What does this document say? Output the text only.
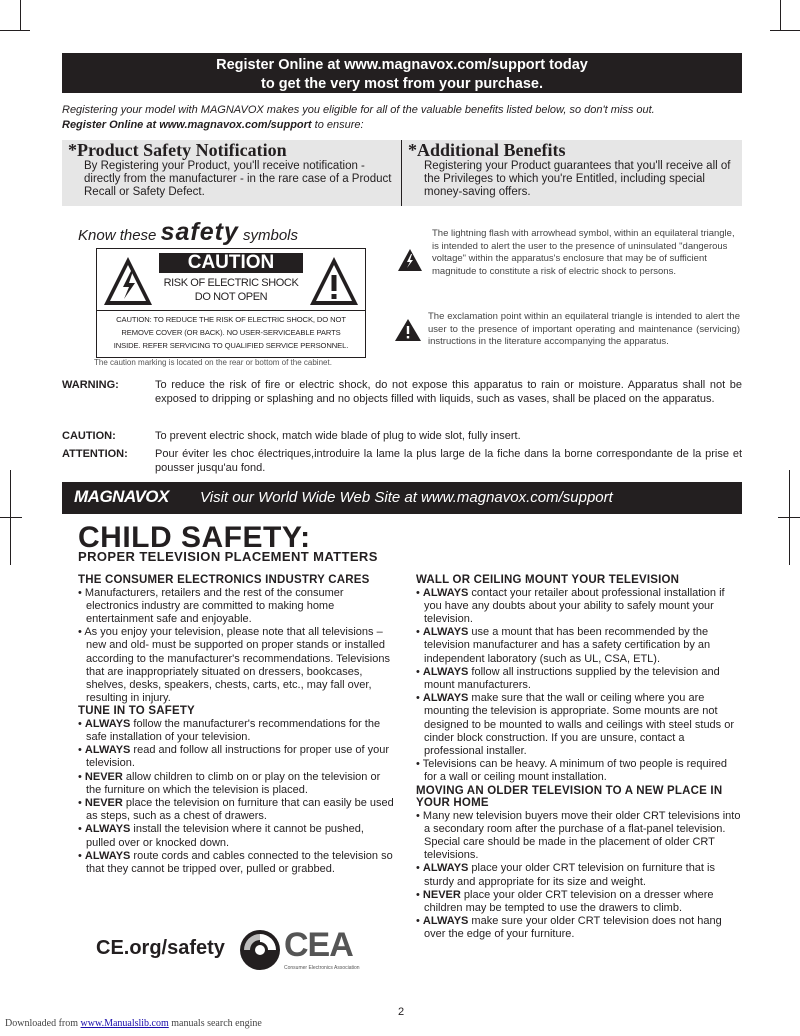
Register Online at www.magnavox.com/support today
to get the very most from your purchase.
Registering your model with MAGNAVOX makes you eligible for all of the valuable benefits listed below, so don't miss out.
Register Online at www.magnavox.com/support to ensure:
*Product Safety Notification

By Registering your Product, you'll receive notification - directly from the manufacturer - in the rare case of a Product Recall or Safety Defect.

*Additional Benefits

Registering your Product guarantees that you'll receive all of the Privileges to which you're Entitled, including special money-saving offers.

Know these safety symbols
CAUTION
RISK OF ELECTRIC SHOCK
DO NOT OPEN
CAUTION: TO REDUCE THE RISK OF ELECTRIC SHOCK, DO NOT
REMOVE COVER (OR BACK). NO USER-SERVICEABLE PARTS
INSIDE. REFER SERVICING TO QUALIFIED SERVICE PERSONNEL.
The caution marking is located on the rear or bottom of the cabinet.
The lightning flash with arrowhead symbol, within an equilateral triangle, is intended to alert the user to the presence of uninsulated "dangerous voltage" within the apparatus's enclosure that may be of sufficient magnitude to constitute a risk of electric shock to persons.
The exclamation point within an equilateral triangle is intended to alert the user to the presence of important operating and maintenance (servicing) instructions in the literature accompanying the apparatus.
WARNING:	To reduce the risk of fire or electric shock, do not expose this apparatus to rain or moisture. Apparatus shall not be exposed to dripping or splashing and no objects filled with liquids, such as vases, shall be placed on the apparatus.
CAUTION:	To prevent electric shock, match wide blade of plug to wide slot, fully insert.
ATTENTION: Pour éviter les choc électriques,introduire la lame la plus large de la fiche dans la borne correspondante de la prise et pousser jusqu'au fond.
MAGNAVOX Visit our World Wide Web Site at www.magnavox.com/support
CHILD SAFETY:
PROPER TELEVISION PLACEMENT MATTERS
THE CONSUMER ELECTRONICS INDUSTRY CARES
• Manufacturers, retailers and the rest of the consumer electronics industry are committed to making home entertainment safe and enjoyable.
• As you enjoy your television, please note that all televisions – new and old- must be supported on proper stands or installed according to the manufacturer's recommendations. Televisions that are inappropriately situated on dressers, bookcases, shelves, desks, speakers, chests, carts, etc., may fall over, resulting in injury.
TUNE IN TO SAFETY
• ALWAYS follow the manufacturer's recommendations for the safe installation of your television.
• ALWAYS read and follow all instructions for proper use of your television.
• NEVER allow children to climb on or play on the television or the furniture on which the television is placed.
• NEVER place the television on furniture that can easily be used as steps, such as a chest of drawers.
• ALWAYS install the television where it cannot be pushed, pulled over or knocked down.
• ALWAYS route cords and cables connected to the television so that they cannot be tripped over, pulled or grabbed.
CE.org/safety CEA
Consumer Electronics Association
WALL OR CEILING MOUNT YOUR TELEVISION
• ALWAYS contact your retailer about professional installation if you have any doubts about your ability to safely mount your television.
• ALWAYS use a mount that has been recommended by the television manufacturer and has a safety certification by an independent laboratory (such as UL, CSA, ETL).
• ALWAYS follow all instructions supplied by the television and mount manufacturers.
• ALWAYS make sure that the wall or ceiling where you are mounting the television is appropriate. Some mounts are not designed to be mounted to walls and ceilings with steel studs or cinder block construction. If you are unsure, contact a professional installer.
• Televisions can be heavy. A minimum of two people is required for a wall or ceiling mount installation.
MOVING AN OLDER TELEVISION TO A NEW PLACE IN YOUR HOME
• Many new television buyers move their older CRT televisions into a secondary room after the purchase of a flat-panel television. Special care should be made in the placement of older CRT televisions.
• ALWAYS place your older CRT television on furniture that is sturdy and appropriate for its size and weight.
• NEVER place your older CRT television on a dresser where children may be tempted to use the drawers to climb.
• ALWAYS make sure your older CRT television does not hang over the edge of your furniture.
2
Downloaded from www.Manualslib.com manuals search engine
